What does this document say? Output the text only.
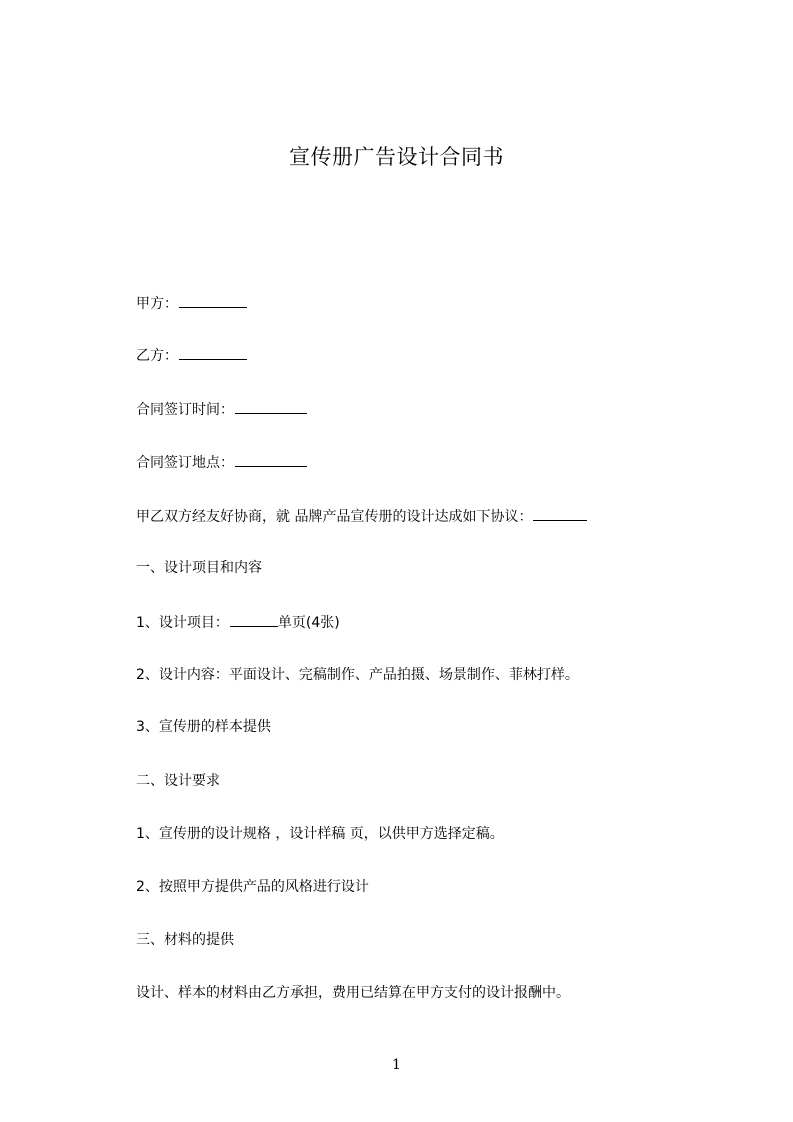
宣传册广告设计合同书

甲方：

乙方：

合同签订时间：

合同签订地点：

甲乙双方经友好协商，就 品牌产品宣传册的设计达成如下协议：

一、设计项目和内容

1、设计项目：	单页(4张)

2、设计内容：平面设计、完稿制作、产品拍摄、场景制作、菲林打样。

3、宣传册的样本提供

二、设计要求

1、宣传册的设计规格 ，设计样稿 页，以供甲方选择定稿。

2、按照甲方提供产品的风格进行设计

三、材料的提供

设计、样本的材料由乙方承担，费用已结算在甲方支付的设计报酬中。

1
